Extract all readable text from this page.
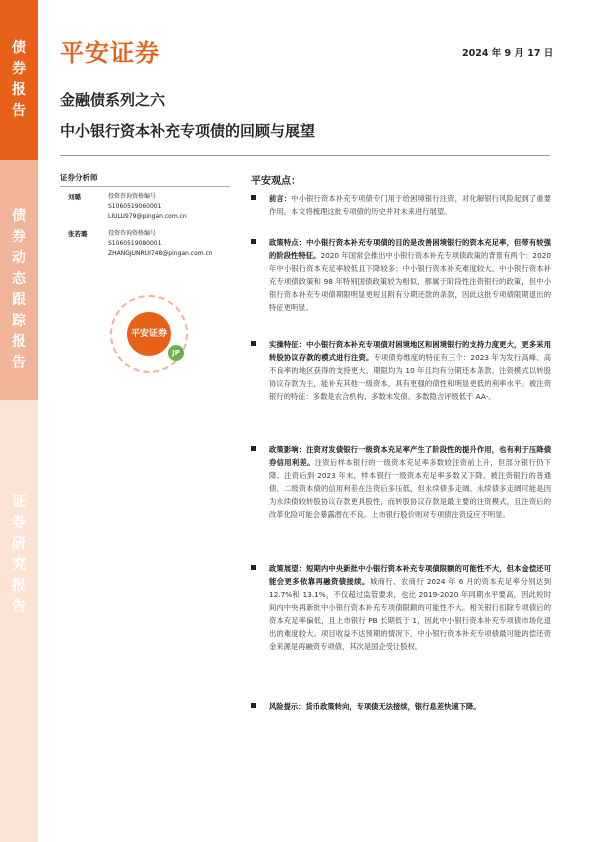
债券报告
债券动态跟踪报告
证券研究报告
平安证券	2024 年 9 月 17 日
金融债系列之六
中小银行资本补充专项债的回顾与展望
证券分析师
刘璐	投资咨询资格编号
S1060519060001
LIULU979@pingan.com.cn
张若璐	投资咨询资格编号
S1060519080001
ZHANGJUNRUI748@pingan.com.cn
平安证券
JP
平安观点：

前言：中小银行资本补充专项债专门用于给困境银行注资，对化解银行风险起到了重要作用。本文将梳理这批专项债的历史并对未来进行展望。

政策特点：中小银行资本补充专项债的目的是改善困境银行的资本充足率，但带有较强的阶段性特征。2020 年国常会推出中小银行资本补充专项债政策的背景有两个：2020 年中小银行资本充足率较低且下降较多；中小银行资本补充难度较大。中小银行资本补充专项债政策和 98 年特别国债政策较为相似，都属于阶段性注资银行的政策，但中小银行资本补充专项债期限明显更短且附有分期还款的条款，因此这批专项债限期退出的特征更明显。

实操特征：中小银行资本补充专项债对困境地区和困境银行的支持力度更大，更多采用转股协议存款的模式进行注资。专项债券维度的特征有三个：2023 年为发行高峰、高不良率的地区获得的支持更大、期限均为 10 年且均有分期还本条款。注资模式以转股协议存款为主，能补充其他一级资本，具有更强的债性和明显更低的利率水平。被注资银行的特征：多数是农合机构、多数未发债、多数隐含评级低于 AA-。

政策影响：注资对发债银行一级资本充足率产生了阶段性的提升作用，也有利于压降债券信用利差。注资后样本银行的一级资本充足率多数较注资前上升，但部分银行仍下降。注资后到 2023 年末，样本银行一级资本充足率多数又下降。被注资银行的普通债、二级资本债的信用利差在注资后多压低，但永续债多走阔。永续债多走阔可能是因为永续债较转股协议存款更具股性，而转股协议存款是最主要的注资模式，且注资后的改革化险可能会暴露潜在不良。上市银行股价则对专项债注资反应不明显。

政策展望：短期内中央新批中小银行资本补充专项债限额的可能性不大，但本金偿还可能会更多依靠再融资债接续。城商行、农商行 2024 年 6 月的资本充足率分别达到 12.7%和 13.1%，不仅超过监管要求，也比 2019-2020 年同期水平要高，因此短时间内中央再新批中小银行资本补充专项债限额的可能性不大。相关银行扣除专项债后的资本充足率偏低，且上市银行 PB 长期低于 1，因此中小银行资本补充专项债市场化退出的难度较大。项目收益不达预期的情况下，中小银行资本补充专项债最可能的偿还资金来源是再融资专项债，其次是国企受让股权。

风险提示：货币政策转向，专项债无法接续，银行息差快速下降。
